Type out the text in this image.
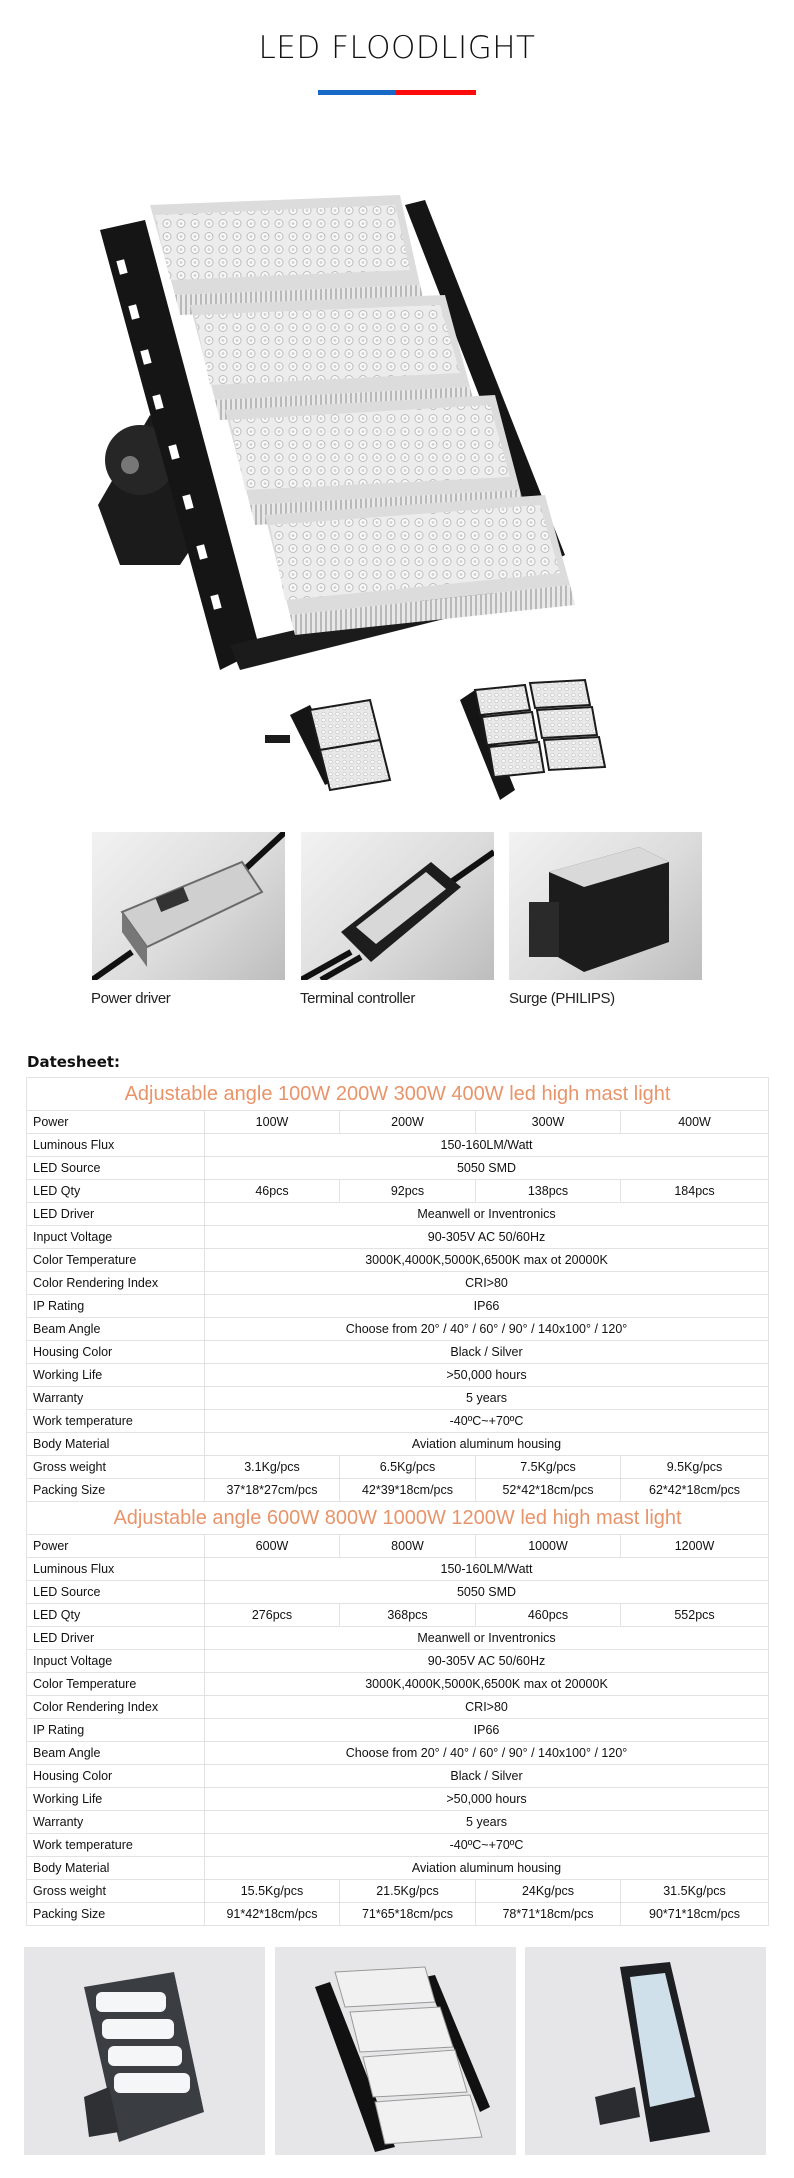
LED FLOODLIGHT
Power driver	Terminal controller	Surge (PHILIPS)
Datesheet:
Adjustable angle 100W 200W 300W 400W led high mast light				
Power	100W	200W	300W	400W
Luminous Flux	150-160LM/Watt			
LED Source	5050 SMD			
LED Qty	46pcs	92pcs	138pcs	184pcs
LED Driver	Meanwell or Inventronics			
Inpuct Voltage	90-305V AC 50/60Hz			
Color Temperature	3000K,4000K,5000K,6500K max ot 20000K			
Color Rendering Index	CRI>80			
IP Rating	IP66			
Beam Angle	Choose from 20° / 40° / 60° / 90° / 140x100° / 120°			
Housing Color	Black / Silver			
Working Life	>50,000 hours			
Warranty	5 years			
Work temperature	-40ºC~+70ºC			
Body Material	Aviation aluminum housing			
Gross weight	3.1Kg/pcs	6.5Kg/pcs	7.5Kg/pcs	9.5Kg/pcs
Packing Size	37*18*27cm/pcs	42*39*18cm/pcs	52*42*18cm/pcs	62*42*18cm/pcs
Adjustable angle 600W 800W 1000W 1200W led high mast light				
Power	600W	800W	1000W	1200W
Luminous Flux	150-160LM/Watt			
LED Source	5050 SMD			
LED Qty	276pcs	368pcs	460pcs	552pcs
LED Driver	Meanwell or Inventronics			
Inpuct Voltage	90-305V AC 50/60Hz			
Color Temperature	3000K,4000K,5000K,6500K max ot 20000K			
Color Rendering Index	CRI>80			
IP Rating	IP66			
Beam Angle	Choose from 20° / 40° / 60° / 90° / 140x100° / 120°			
Housing Color	Black / Silver			
Working Life	>50,000 hours			
Warranty	5 years			
Work temperature	-40ºC~+70ºC			
Body Material	Aviation aluminum housing			
Gross weight	15.5Kg/pcs	21.5Kg/pcs	24Kg/pcs	31.5Kg/pcs
Packing Size	91*42*18cm/pcs	71*65*18cm/pcs	78*71*18cm/pcs	90*71*18cm/pcs
